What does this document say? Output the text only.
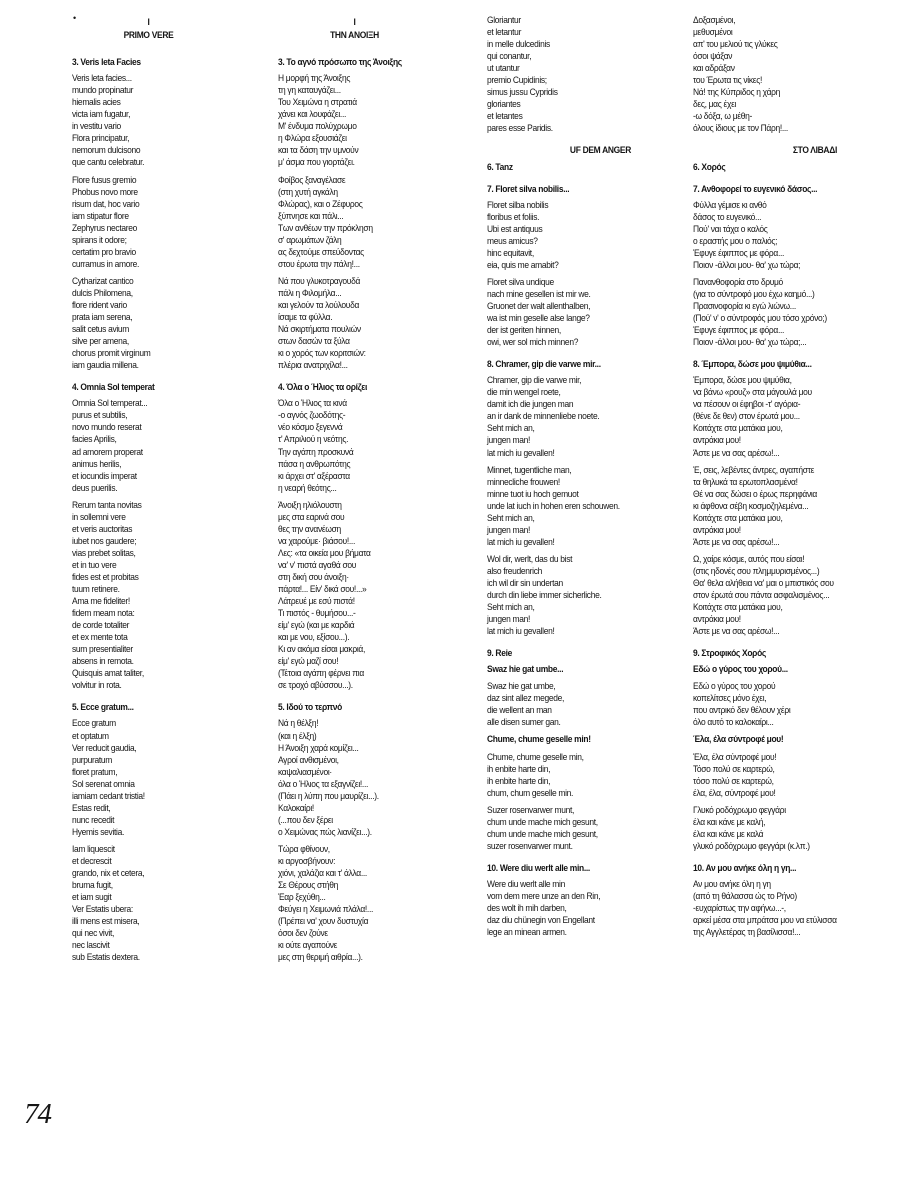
•	I
PRIMO VERE
3. Veris leta Facies
Veris leta facies...
mundo propinatur
hiemalis acies
victa iam fugatur,
in vestitu vario
Flora principatur,
nemorum dulcisono
que cantu celebratur.
Flore fusus gremio
Phobus novo more
risum dat, hoc vario
iam stipatur flore
Zephyrus nectareo
spirans it odore;
certatim pro bravio
curramus in amore.
Cytharizat cantico
dulcis Philomena,
flore rident vario
prata iam serena,
salit cetus avium
silve per amena,
chorus promit virginum
iam gaudia millena.
4. Omnia Sol temperat
Omnia Sol temperat...
purus et subtilis,
novo mundo reserat
facies Aprilis,
ad amorem properat
animus herilis,
et iocundis imperat
deus puerilis.
Rerum tanta novitas
in sollemni vere
et veris auctoritas
iubet nos gaudere;
vias prebet solitas,
et in tuo vere
fides est et probitas
tuum retinere.
Ama me fideliter!
fidem meam nota:
de corde totaliter
et ex mente tota
sum presentialiter
absens in remota.
Quisquis amat taliter,
volvitur in rota.
5. Ecce gratum...
Ecce gratum
et optatum
Ver reducit gaudia,
purpuratum
floret pratum,
Sol serenat omnia
iamiam cedant tristia!
Estas redit,
nunc recedit
Hyemis sevitia.
Iam liquescit
et decrescit
grando, nix et cetera,
bruma fugit,
et iam sugit
Ver Estatis ubera:
illi mens est misera,
qui nec vivit,
nec lascivit
sub Estatis dextera.
I
ΤΗΝ ΑΝΟΙΞΗ
3. Το αγνό πρόσωπο της Άνοιξης
Η μορφή της Άνοιξης
τη γη καταυγάζει...
Του Χειμώνα η στρατιά
χάνει και λουφάζει...
Μ' ένδυμα πολύχρωμο
η Φλώρα εξουσιάζει
και τα δάση την υμνούν
μ' άσμα που γιορτάζει.
Φοίβος ξαναγέλασε
(στη χυτή αγκάλη
Φλώρας), και ο Ζέφυρος
ξύπνησε και πάλι...
Των ανθέων την πρόκληση
σ' αρωμάτων ζάλη
ας δεχτούμε σπεύδοντας
στου έρωτα την πάλη!...
Νά που γλυκοτραγουδά
πάλι η Φιλομήλα...
και γελούν τα λούλουδα
ίσαμε τα φύλλα.
Νά σκιρτήματα πουλιών
στων δασών τα ξύλα
κι ο χορός των κοριτσιών:
πλέρια ανατριχίλα!...
4. Όλα ο Ήλιος τα ορίζει
Όλα ο Ήλιος τα κινά
-ο αγνός ζωοδότης-
νέο κόσμο ξεγεννά
τ' Απριλιού η νεότης.
Την αγάπη προσκυνά
πάσα η ανθρωπότης
κι άρχει στ' αξέραστα
η νεαρή θεότης...
Άνοιξη ηλιόλουστη
μες στα εαρινά σου
θες την ανανέωση
να χαρούμε· βιάσου!...
Λες: «τα οικεία μου βήματα
να' ν' πιστά αγαθά σου
στη δική σου άνοιξη·
πάρτα!... Είν' δικά σου!...»
Λάτρευέ με εσύ πιστά!
Τι πιστός - θυμήσου...-
είμ' εγώ (και με καρδιά
και με νου, εξίσου...).
Κι αν ακόμα είσαι μακριά,
είμ' εγώ μαζί σου!
(Τέτοια αγάπη φέρνει πια
σε τροχό αβύσσου...).
5. Ιδού το τερπνό
Νά η θέλξη!
(και η έλξη)
Η Άνοιξη χαρά κομίζει...
Αγροί ανθισμένοι,
καψαλιασμένοι·
όλα ο Ήλιος τα εξαγνίζει!...
(Πάει η λύπη που μαυρίζει...).
Καλοκαίρι!
(...που δεν ξέρει
ο Χειμώνας πώς λιανίζει...).
Τώρα φθίνουν,
κι αργοσβήνουν:
χιόνι, χαλάζια και τ' άλλα...
Σε Θέρους στήθη
Έαρ ξεχύθη...
Φεύγει η Χειμωνιά πλάλα!...
(Πρέπει να' χουν δυστυχία
όσοι δεν ζούνε
κι ούτε αγαπούνε
μες στη θεριμή αιθρία...).
Gloriantur
et letantur
in melle dulcedinis
qui conantur,
ut utantur
premio Cupidinis;
simus jussu Cypridis
gloriantes
et letantes
pares esse Paridis.
UF DEM ANGER
6. Tanz
7. Floret silva nobilis...
Floret silba nobilis
floribus et foliis.
Ubi est antiquus
meus amicus?
hinc equitavit,
eia, quis me amabit?
Floret silva undique
nach mine gesellen ist mir we.
Gruonet der walt allenthalben,
wa ist min geselle alse lange?
der ist geriten hinnen,
owi, wer sol mich minnen?
8. Chramer, gip die varwe mir...
Chramer, gip die varwe mir,
die min wengel roete,
damit ich die jungen man
an ir dank de minnenliebe noete.
Seht mich an,
jungen man!
lat mich iu gevallen!
Minnet, tugentliche man,
minnecliche frouwen!
minne tuot iu hoch gemuot
unde lat iuch in hohen eren schouwen.
Seht mich an,
jungen man!
lat mich iu gevallen!
Wol dir, werlt, das du bist
also freudenrich
ich wil dir sin undertan
durch din liebe immer sicherliche.
Seht mich an,
jungen man!
lat mich iu gevallen!
9. Reie
Swaz hie gat umbe...
Swaz hie gat umbe,
daz sint allez megede,
die wellent an man
alle disen sumer gan.
Chume, chume geselle min!
Chume, chume geselle min,
ih enbite harte din,
ih enbite harte din,
chum, chum geselle min.
Suzer rosenvarwer munt,
chum unde mache mich gesunt,
chum unde mache mich gesunt,
suzer rosenvarwer munt.
10. Were diu werlt alle min...
Were diu werlt alle min
vom dem mere unze an den Rin,
des wolt ih mih darben,
daz diu chünegin von Engellant
lege an minean armen.
Δοξασμένοι,
μεθυσμένοι
απ' του μελιού τις γλύκες
όσοι ψάξαν
και αδράξαν
του Έρωτα τις νίκες!
Νά! της Κύπριδος η χάρη
δες, μας έχει
-ω δόξα, ω μέθη-
όλους ίδιους με τον Πάρη!...
ΣΤΟ ΛΙΒΑΔΙ
6. Χορός
7. Ανθοφορεί το ευγενικό δάσος...
Φύλλα γέμισε κι ανθό
δάσος το ευγενικό...
Πού' ναι τάχα ο καλός
ο εραστής μου ο παλιός;
Έφυγε έφιππος με φόρα...
Ποιον -άλλοι μου- θα' χω τώρα;
Πανανθοφορία στο δρυμό
(για το σύντροφό μου έχω καημό...)
Πρασινοφορία κι εγώ λιώνω...
(Πού' ν' ο σύντροφός μου τόσο χρόνο;)
Έφυγε έφιππος με φόρα...
Ποιον -άλλοι μου- θα' χω τώρα;...
8. Έμπορα, δώσε μου ψιμύθια...
Έμπορα, δώσε μου ψιμύθια,
να βάνω «ρουζ» στα μάγουλά μου
να πέσουν οι έφηβοι -τ' αγόρια-
(θένε δε θεν) στον έρωτά μου...
Κοιτάχτε στα ματάκια μου,
αντράκια μου!
Άστε με να σας αρέσω!...
Έ, σεις, λεβέντες άντρες, αγαπήστε
τα θηλυκά τα ερωτοπλασμένα!
Θέ να σας δώσει ο έρως περηφάνια
κι άφθονα σέβη κοσμοζηλεμένα...
Κοιτάχτε στα ματάκια μου,
αντράκια μου!
Άστε με να σας αρέσω!...
Ω, χαίρε κόσμε, αυτός που είσαι!
(στις ηδονές σου πλημμυρισμένος...)
Θα' θελα αλήθεια να' μαι ο μπιστικός σου
στον έρωτά σου πάντα ασφαλισμένος...
Κοιτάχτε στα ματάκια μου,
αντράκια μου!
Άστε με να σας αρέσω!...
9. Στροφικός Χορός
Εδώ ο γύρος του χορού...
Εδώ ο γύρος του χορού
κοπελίτσες μόνο έχει,
που αντρικό δεν θέλουν χέρι
όλο αυτό το καλοκαίρι...
Έλα, έλα σύντροφέ μου!
Έλα, έλα σύντροφέ μου!
Τόσο πολύ σε καρτερώ,
τόσο πολύ σε καρτερώ,
έλα, έλα, σύντροφέ μου!
Γλυκό ροδόχρωμο φεγγάρι
έλα και κάνε με καλή,
έλα και κάνε με καλά
γλυκό ροδόχρωμο φεγγάρι (κ.λπ.)
10. Αν μου ανήκε όλη η γη...
Αν μου ανήκε όλη η γη
(από τη θάλασσα ώς το Ρήνο)
-ευχαρίστως την αφήνω...-,
αρκεί μέσα στα μπράτσα μου να ετύλισσα
της Αγγλετέρας τη βασίλισσα!...
74
